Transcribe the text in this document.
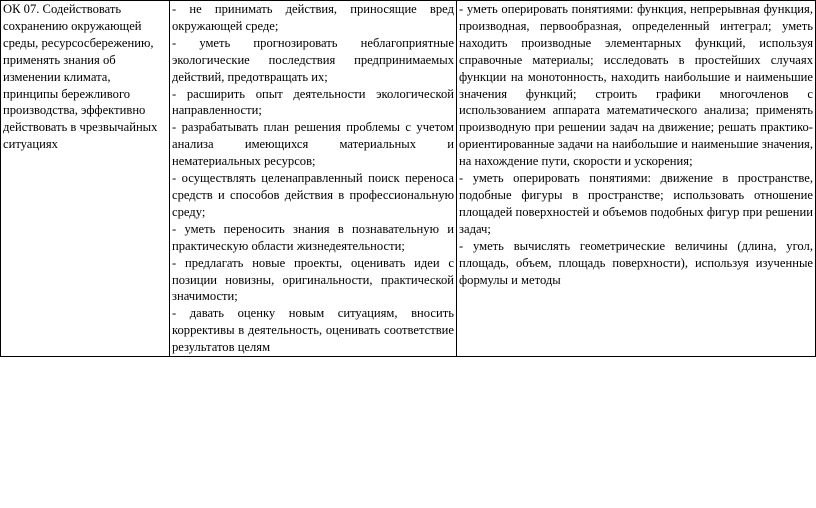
ОК 07. Содействовать сохранению окружающей среды, ресурсосбережению, применять знания об изменении климата, принципы бережливого производства, эффективно действовать в чрезвычайных ситуациях

- не принимать действия, приносящие вред окружающей среде;
- уметь прогнозировать неблагоприятные экологические последствия предпринимаемых действий, предотвращать их;
- расширить опыт деятельности экологической направленности;
- разрабатывать план решения проблемы с учетом анализа имеющихся материальных и нематериальных ресурсов;
- осуществлять целенаправленный поиск переноса средств и способов действия в профессиональную среду;
- уметь переносить знания в познавательную и практическую области жизнедеятельности;
- предлагать новые проекты, оценивать идеи с позиции новизны, оригинальности, практической значимости;
- давать оценку новым ситуациям, вносить коррективы в деятельность, оценивать соответствие результатов целям

- уметь оперировать понятиями: функция, непрерывная функция, производная, первообразная, определенный интеграл; уметь находить производные элементарных функций, используя справочные материалы; исследовать в простейших случаях функции на монотонность, находить наибольшие и наименьшие значения функций; строить графики многочленов с использованием аппарата математического анализа; применять производную при решении задач на движение; решать практико-ориентированные задачи на наибольшие и наименьшие значения, на нахождение пути, скорости и ускорения;
- уметь оперировать понятиями: движение в пространстве, подобные фигуры в пространстве; использовать отношение площадей поверхностей и объемов подобных фигур при решении задач;
- уметь вычислять геометрические величины (длина, угол, площадь, объем, площадь поверхности), используя изученные формулы и методы
